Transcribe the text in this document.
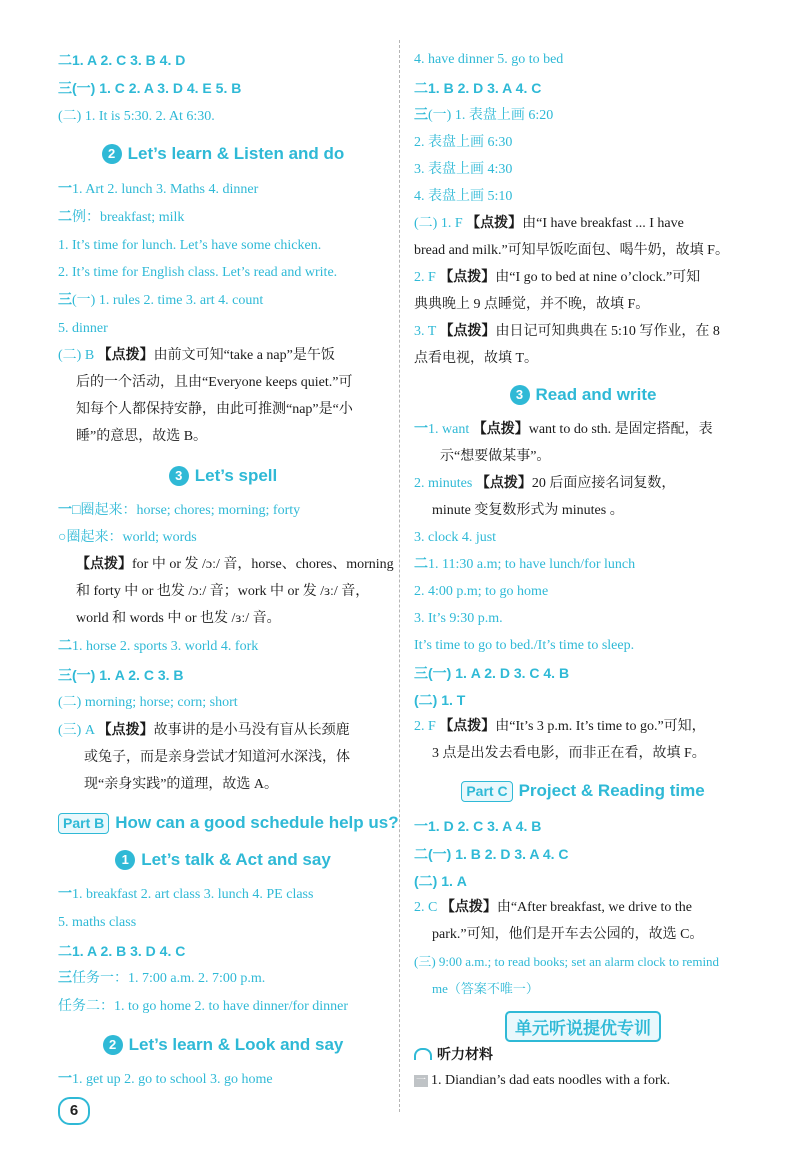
二1. A 2. C 3. B 4. D
三(一) 1. C 2. A 3. D 4. E 5. B
(二) 1. It is 5:30. 2. At 6:30.
2 Let’s learn & Listen and do
一1. Art 2. lunch 3. Maths 4. dinner
二例：breakfast; milk
1. It’s time for lunch. Let’s have some chicken.
2. It’s time for English class. Let’s read and write.
三(一) 1. rules 2. time 3. art 4. count
5. dinner
(二) B 【 点拨 】 由前文可知“take a nap”是午饭
后的一个活动，且由“Everyone keeps quiet.”可
知每个人都保持安静，由此可推测“nap”是“小
睡”的意思，故选 B。
3 Let’s spell
一□圈起来：horse; chores; morning; forty
○圈起来：world; words
【 点拨 】 for 中 or 发 /ɔː/ 音，horse、chores、morning
和 forty 中 or 也发 /ɔː/ 音；work 中 or 发 /ɜː/ 音，
world 和 words 中 or 也发 /ɜː/ 音。
二1. horse 2. sports 3. world 4. fork
三(一) 1. A 2. C 3. B
(二) morning; horse; corn; short
(三) A 【 点拨 】 故事讲的是小马没有盲从长颈鹿
或兔子，而是亲身尝试才知道河水深浅，体
现“亲身实践”的道理，故选 A。
Part B How can a good schedule help us?
1 Let’s talk & Act and say
一1. breakfast 2. art class 3. lunch 4. PE class
5. maths class
二1. A 2. B 3. D 4. C
三任务一：1. 7:00 a.m. 2. 7:00 p.m.
任务二：1. to go home 2. to have dinner/for dinner
2 Let’s learn & Look and say
一1. get up 2. go to school 3. go home
4. have dinner 5. go to bed
二1. B 2. D 3. A 4. C
三(一) 1. 表盘上画 6:20
2. 表盘上画 6:30
3. 表盘上画 4:30
4. 表盘上画 5:10
(二) 1. F 【 点拨 】 由“I have breakfast ... I have
bread and milk.”可知早饭吃面包、喝牛奶，故填 F。
2. F 【 点拨 】 由“I go to bed at nine o’clock.”可知
典典晚上 9 点睡觉，并不晚，故填 F。
3. T 【 点拨 】 由日记可知典典在 5:10 写作业，在 8
点看电视，故填 T。
3 Read and write
一1. want 【 点拨 】 want to do sth. 是固定搭配，表
示“想要做某事”。
2. minutes 【 点拨 】 20 后面应接名词复数，
minute 变复数形式为 minutes 。
3. clock 4. just
二1. 11:30 a.m; to have lunch/for lunch
2. 4:00 p.m; to go home
3. It’s 9:30 p.m.
It’s time to go to bed./It’s time to sleep.
三(一) 1. A 2. D 3. C 4. B
(二) 1. T
2. F 【 点拨 】 由“It’s 3 p.m. It’s time to go.”可知，
3 点是出发去看电影，而非正在看，故填 F。
Part C Project & Reading time
一1. D 2. C 3. A 4. B
二(一) 1. B 2. D 3. A 4. C
(二) 1. A
2. C 【 点拨 】 由“After breakfast, we drive to the
park.”可知，他们是开车去公园的，故选 C。
(三) 9:00 a.m.; to read books; set an alarm clock to remind
me（答案不唯一）
单元听说提优专训
听力材料
一 1. Diandian’s dad eats noodles with a fork.
6
